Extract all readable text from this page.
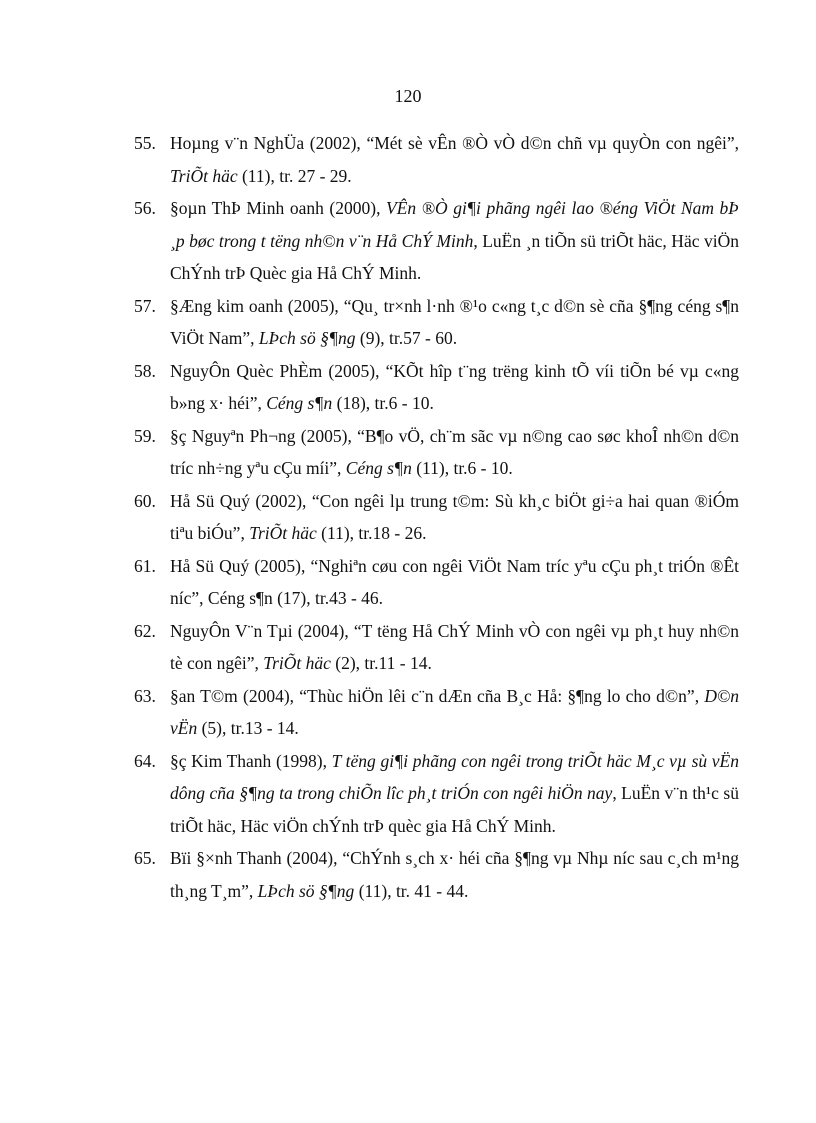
120
55. Hoµng v¨n NghÜa (2002), “Mét sè vÊn ®Ò vÒ d©n chñ vµ quyÒn con ngêi”, TriÕt häc (11), tr. 27 - 29.
56. §oµn ThÞ Minh oanh (2000), VÊn ®Ò gi¶i phãng ngêi lao ®éng ViÖt Nam bÞ ¸p bøc trong t tëng nh©n v¨n Hå ChÝ Minh, LuËn ¸n tiÕn sü triÕt häc, Häc viÖn ChÝnh trÞ Quèc gia Hå ChÝ Minh.
57. §Æng kim oanh (2005), “Qu¸ tr×nh l·nh ®¹o c«ng t¸c d©n sè cña §¶ng céng s¶n ViÖt Nam”, LÞch sö §¶ng (9), tr.57 - 60.
58. NguyÔn Quèc PhÈm (2005), “KÕt hîp t¨ng trëng kinh tÕ víi tiÕn bé vµ c«ng b»ng x· héi”, Céng s¶n (18), tr.6 - 10.
59. §ç Nguyªn Ph¬ng (2005), “B¶o vÖ, ch¨m sãc vµ n©ng cao søc khoÎ nh©n d©n tríc nh÷ng yªu cÇu míi”, Céng s¶n (11), tr.6 - 10.
60. Hå Sü Quý (2002), “Con ngêi lµ trung t©m: Sù kh¸c biÖt gi÷a hai quan ®iÓm tiªu biÓu”, TriÕt häc (11), tr.18 - 26.
61. Hå Sü Quý (2005), “Nghiªn cøu con ngêi ViÖt Nam tríc yªu cÇu ph¸t triÓn ®Êt níc”, Céng s¶n (17), tr.43 - 46.
62. NguyÔn V¨n Tµi (2004), “T tëng Hå ChÝ Minh vÒ con ngêi vµ ph¸t huy nh©n tè con ngêi”, TriÕt häc (2), tr.11 - 14.
63. §an T©m (2004), “Thùc hiÖn lêi c¨n dÆn cña B¸c Hå: §¶ng lo cho d©n”, D©n vËn (5), tr.13 - 14.
64. §ç Kim Thanh (1998), T tëng gi¶i phãng con ngêi trong triÕt häc M¸c vµ sù vËn dông cña §¶ng ta trong chiÕn lîc ph¸t triÓn con ngêi hiÖn nay, LuËn v¨n th¹c sü triÕt häc, Häc viÖn chÝnh trÞ quèc gia Hå ChÝ Minh.
65. Bïi §×nh Thanh (2004), “ChÝnh s¸ch x· héi cña §¶ng vµ Nhµ níc sau c¸ch m¹ng th¸ng T¸m”, LÞch sö §¶ng (11), tr. 41 - 44.
